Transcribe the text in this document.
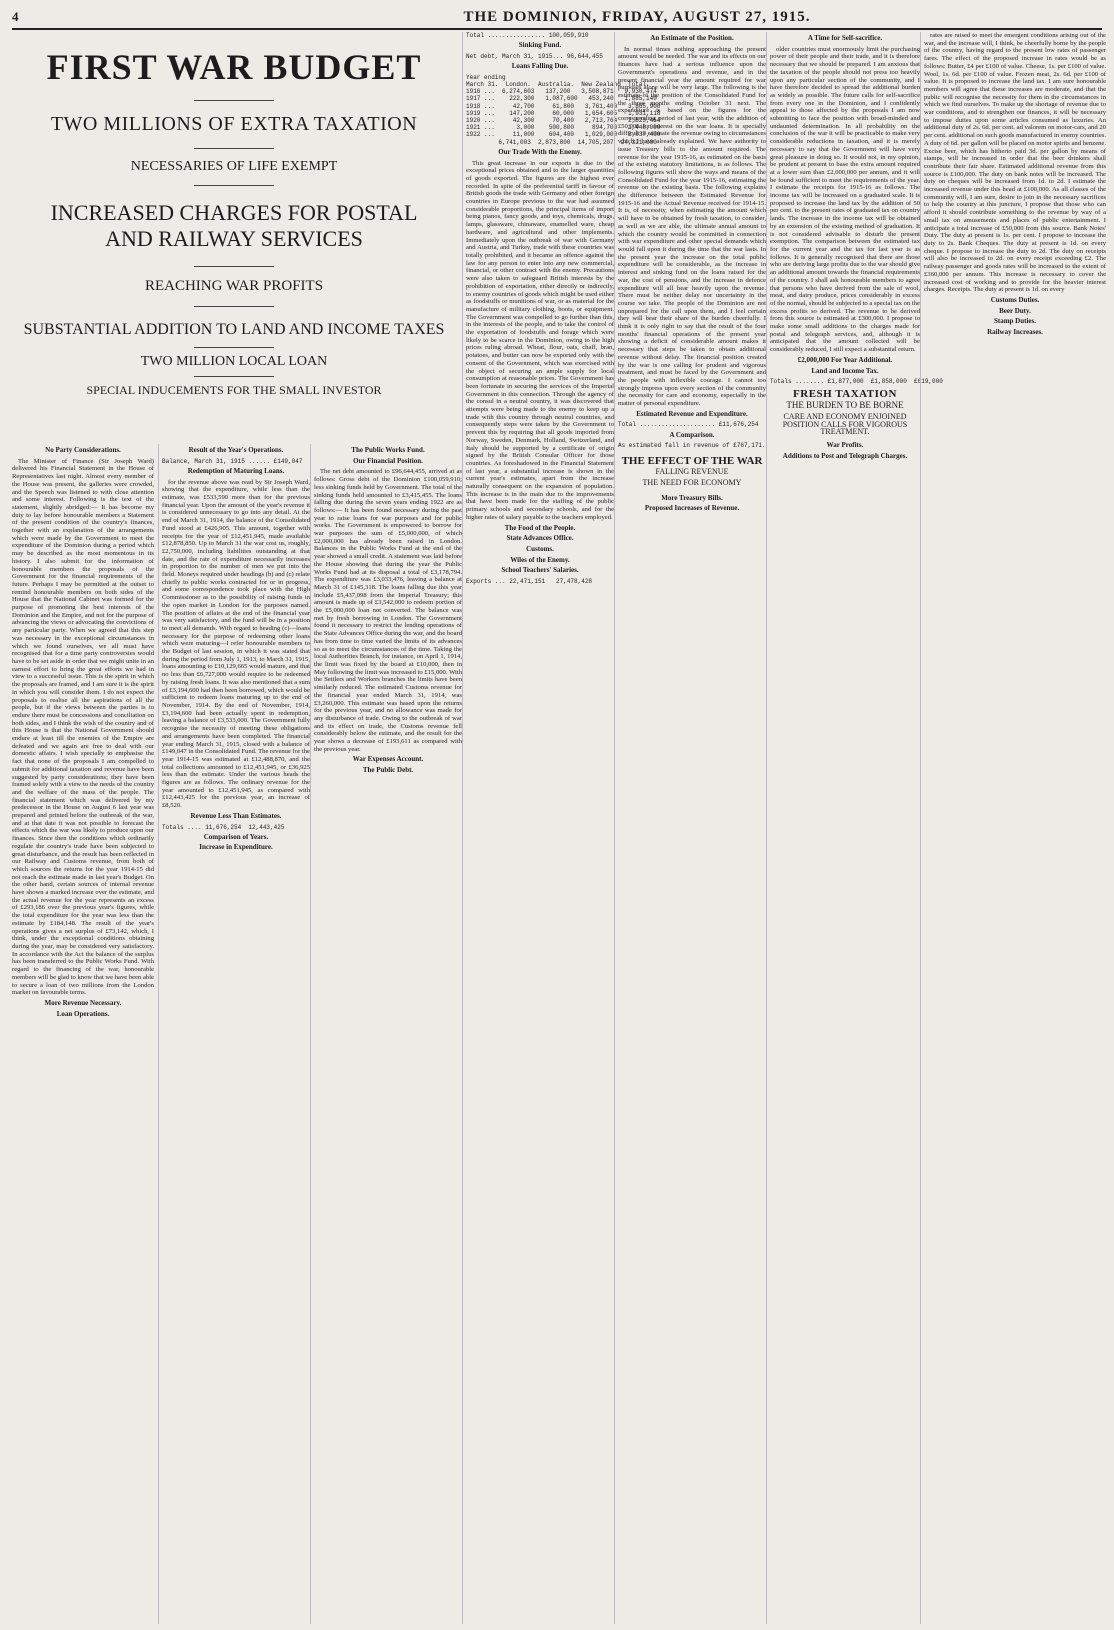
4	THE DOMINION, FRIDAY, AUGUST 27, 1915.
FIRST WAR BUDGET
TWO MILLIONS OF EXTRA TAXATION
NECESSARIES OF LIFE EXEMPT
INCREASED CHARGES FOR POSTAL AND RAILWAY SERVICES
REACHING WAR PROFITS
SUBSTANTIAL ADDITION TO LAND AND INCOME TAXES
TWO MILLION LOCAL LOAN
SPECIAL INDUCEMENTS FOR THE SMALL INVESTOR
No Party Considerations.

The Minister of Finance (Sir Joseph Ward) delivered his Financial Statement in the House of Representatives last night. Almost every member of the House was present, the galleries were crowded, and the Speech was listened to with close attention and some interest. Following is the text of the statement, slightly abridged:— It has become my duty to lay before honourable members a Statement of the present condition of the country's finances, together with an explanation of the arrangements which were made by the Government to meet the expenditure of the Dominion during a period which may be described as the most momentous in its history. I also submit for the information of honourable members the proposals of the Government for the financial requirements of the future. Perhaps I may be permitted at the outset to remind honourable members on both sides of the House that the National Cabinet was formed for the purpose of promoting the best interests of the Dominion and the Empire, and not for the purpose of advancing the views or advocating the convictions of any particular party. When we agreed that this step was necessary in the exceptional circumstances in which we found ourselves, we all must have recognised that for a time party controversies would have to be set aside in order that we might unite in an earnest effort to bring the great efforts we had in view to a successful issue. This is the spirit in which the proposals are framed, and I am sure it is the spirit in which you will consider them. I do not expect the proposals to realise all the aspirations of all the people, but if the views between the parties is to endure there must be concessions and conciliation on both sides, and I think the wish of the country and of this House is that the National Government should endure at least till the enemies of the Empire are defeated and we again are free to deal with our domestic affairs. I wish specially to emphasise the fact that none of the proposals I am compelled to submit for additional taxation and revenue have been suggested by party considerations; they have been framed solely with a view to the needs of the country and the welfare of the mass of the people. The financial statement which was delivered by my predecessor in the House on August 6 last year was prepared and printed before the outbreak of the war, and at that date it was not possible to forecast the effects which the war was likely to produce upon our finances. Since then the conditions which ordinarily regulate the country's trade have been subjected to great disturbance, and the result has been reflected in our Railway and Customs revenue, from both of which sources the returns for the year 1914-15 did not reach the estimate made in last year's Budget. On the other hand, certain sources of internal revenue have shown a marked increase over the estimate, and the actual revenue for the year represents an excess of £293,186 over the previous year's figures, while the total expenditure for the year was less than the estimate by £184,148. The result of the year's operations gives a net surplus of £73,142, which, I think, under the exceptional conditions obtaining during the year, may be considered very satisfactory. In accordance with the Act the balance of the surplus has been transferred to the Public Works Fund. With regard to the financing of the war, honourable members will be glad to know that we have been able to secure a loan of two millions from the London market on favourable terms.

More Revenue Necessary.
Loan Operations.
Result of the Year's Operations.
Balance, March 31, 1915 ...... £149,047
Redemption of Maturing Loans.

for the revenue above was read by Sir Joseph Ward, showing that the expenditure, while less than the estimate, was £533,590 more than for the previous financial year. Upon the amount of the year's revenue it is considered unnecessary to go into any detail. At the end of March 31, 1914, the balance of the Consolidated Fund stood at £426,905. This amount, together with receipts for the year of £12,451,945, made available £12,878,850. Up to March 31 the war cost us, roughly, £2,750,000, including liabilities outstanding at that date, and the rate of expenditure necessarily increases in proportion to the number of men we put into the field. Moneys required under headings (b) and (c) relate chiefly to public works contracted for or in progress, and some correspondence took place with the High Commissioner as to the possibility of raising funds in the open market in London for the purposes named. The position of affairs at the end of the financial year was very satisfactory, and the fund will be in a position to meet all demands. With regard to heading (c)—loans necessary for the purpose of redeeming other loans which were maturing—I refer honourable members to the Budget of last session, in which it was stated that during the period from July 1, 1913, to March 31, 1915, loans amounting to £10,129,665 would mature, and that no less than £6,727,000 would require to be redeemed by raising fresh loans. It was also mentioned that a sum of £3,194,600 had then been borrowed, which would be sufficient to redeem loans maturing up to the end of November, 1914. By the end of November, 1914, £3,194,600 had been actually spent in redemption, leaving a balance of £3,533,000. The Government fully recognise the necessity of meeting these obligations and arrangements have been completed. The financial year ending March 31, 1915, closed with a balance of £149,047 in the Consolidated Fund. The revenue for the year 1914-15 was estimated at £12,488,870, and the total collections amounted to £12,451,945, or £36,925 less than the estimate. Under the various heads the figures are as follows. The ordinary revenue for the year amounted to £12,451,945, as compared with £12,443,425 for the previous year, an increase of £8,520.

Revenue Less Than Estimates.
Totals .... 11,676,254  12,443,425
Comparison of Years.
Increase in Expenditure.
The Public Works Fund.
Our Financial Position.

The net debt amounted to £96,644,455, arrived at as follows: Gross debt of the Dominion £100,059,910; less sinking funds held by Government. The total of the sinking funds held amounted to £3,415,455. The loans falling due during the seven years ending 1922 are as follows:— It has been found necessary during the past year to raise loans for war purposes and for public works. The Government is empowered to borrow for war purposes the sum of £5,000,000, of which £2,000,000 has already been raised in London. Balances in the Public Works Fund at the end of the year showed a small credit. A statement was laid before the House showing that during the year the Public Works Fund had at its disposal a total of £3,178,794. The expenditure was £3,033,476, leaving a balance at March 31 of £145,318. The loans falling due this year include £5,437,098 from the Imperial Treasury; this amount is made up of £3,542,000 to redeem portion of the £5,000,000 loan not converted. The balance was met by fresh borrowing in London. The Government found it necessary to restrict the lending operations of the State Advances Office during the war, and the board has from time to time varied the limits of its advances so as to meet the circumstances of the time. Taking the local Authorities Branch, for instance, on April 1, 1914, the limit was fixed by the board at £10,000, then in May following the limit was increased to £15,000. With the Settlers and Workers branches the limits have been similarly reduced. The estimated Customs revenue for the financial year ended March 31, 1914, was £3,260,000. This estimate was based upon the returns for the previous year, and no allowance was made for any disturbance of trade. Owing to the outbreak of war and its effect on trade, the Customs revenue fell considerably below the estimate, and the result for the year shows a decrease of £193,611 as compared with the previous year.

War Expenses Account.
The Public Debt.
Total ................ 100,059,910
Sinking Fund.
Net debt, March 31, 1915... 96,644,455
Loans Falling Due.
Year ending
March 31.  London.  Australia.  New Zealand  Total.
1916 ...  6,274,603   137,200   3,508,871   9,930,474
1917 ...    222,300   1,087,600   453,240   1,885,140
1918 ...     42,700     61,800   3,761,400   3,865,900
1919 ...    147,200     60,000   1,654,605   1,931,118
1920 ...     42,300     70,400   2,713,764   2,823,464
1921 ...      3,000    500,800     894,700   1,448,000
1922 ...     11,000    604,400   1,029,000   2,037,400
6,741,003  2,873,800  14,705,207  24,321,000
Our Trade With the Enemy.

This great increase in our exports is due to the exceptional prices obtained and to the larger quantities of goods exported. The figures are the highest ever recorded. In spite of the preferential tariff in favour of British goods the trade with Germany and other foreign countries in Europe previous to the war had assumed considerable proportions, the principal items of import being pianos, fancy goods, and toys, chemicals, drugs, lamps, glassware, chinaware, enamelled ware, cheap hardware, and agricultural and other implements. Immediately upon the outbreak of war with Germany and Austria, and Turkey, trade with these countries was totally prohibited, and it became an offence against the law for any person to enter into any new commercial, financial, or other contract with the enemy. Precautions were also taken to safeguard British interests by the prohibition of exportation, either directly or indirectly, to enemy countries of goods which might be used either as foodstuffs or munitions of war, or as material for the manufacture of military clothing, boots, or equipment. The Government was compelled to go further than this, in the interests of the people, and to take the control of the exportation of foodstuffs and forage which were likely to be scarce in the Dominion, owing to the high prices ruling abroad. Wheat, flour, oats, chaff, bran, potatoes, and butter can now be exported only with the consent of the Government, which was exercised with the object of securing an ample supply for local consumption at reasonable prices. The Government has been fortunate in securing the services of the Imperial Government in this connection. Through the agency of the consul in a neutral country, it was discovered that attempts were being made to the enemy to keep up a trade with this country through neutral countries, and consequently steps were taken by the Government to prevent this by requiring that all goods imported from Norway, Sweden, Denmark, Holland, Switzerland, and Italy should be supported by a certificate of origin signed by the British Consular Officer for those countries. As foreshadowed in the Financial Statement of last year, a substantial increase is shown in the current year's estimates, apart from the increase naturally consequent on the expansion of population. This increase is in the main due to the improvements that have been made for the staffing of the public primary schools and secondary schools, and for the higher rates of salary payable to the teachers employed.

The Food of the People.
State Advances Office.
Customs.
Wiles of the Enemy.
School Teachers' Salaries.
Exports ... 22,471,151   27,478,428
An Estimate of the Position.

In normal times nothing approaching the present amount would be needed. The war and its effects on our finances have had a serious influence upon the Government's operations and revenue, and in the present financial year the amount required for war purposes alone will be very large. The following is the estimate of the position of the Consolidated Fund for the three months ending October 31 next. The expenditure is based on the figures for the corresponding period of last year, with the addition of £50,000 for interest on the war loans. It is specially difficult to estimate the revenue owing to circumstances which I have already explained. We have authority to issue Treasury bills to the amount required. The revenue for the year 1915-16, as estimated on the basis of the existing statutory limitations, is as follows. The following figures will show the ways and means of the Consolidated Fund for the year 1915-16, estimating the revenue on the existing basis. The following explains the difference between the Estimated Revenue for 1915-16 and the Actual Revenue received for 1914-15. It is, of necessity, when estimating the amount which will have to be obtained by fresh taxation, to consider, as well as we are able, the ultimate annual amount to which the country would be committed in connection with war expenditure and other special demands which would fall upon it during the time that the war lasts. In the present year the increase on the total public expenditure will be considerable, as the increase in interest and sinking fund on the loans raised for the war, the cost of pensions, and the increase in defence expenditure will all bear heavily upon the revenue. There must be neither delay nor uncertainty in the course we take. The people of the Dominion are not unprepared for the call upon them, and I feel certain they will bear their share of the burden cheerfully. I think it is only right to say that the result of the four months' financial operations of the present year showing a deficit of considerable amount makes it necessary that steps be taken to obtain additional revenue without delay. The financial position created by the war is one calling for prudent and vigorous treatment, and must be faced by the Government and the people with inflexible courage. I cannot too strongly impress upon every section of the community the necessity for care and economy, especially in the matter of personal expenditure.

Estimated Revenue and Expenditure.
Total ..................... £11,676,254
A Comparison.
As estimated fall in revenue of £767,171.
THE EFFECT OF THE WAR
FALLING REVENUE
THE NEED FOR ECONOMY
More Treasury Bills.
Proposed Increases of Revenue.
A Time for Self-sacrifice.

older countries must enormously limit the purchasing power of their people and their trade, and it is therefore necessary that we should be prepared. I am anxious that the taxation of the people should not press too heavily upon any particular section of the community, and I have therefore decided to spread the additional burden as widely as possible. The future calls for self-sacrifice from every one in the Dominion, and I confidently appeal to those affected by the proposals I am now submitting to face the position with broad-minded and undaunted determination. In all probability on the conclusion of the war it will be practicable to make very considerable reductions in taxation, and it is merely necessary to say that the Government will have very great pleasure in doing so. It would not, in my opinion, be prudent at present to base the extra amount required at a lower sum than £2,000,000 per annum, and it will be found sufficient to meet the requirements of the year. I estimate the receipts for 1915-16 as follows. The income tax will be increased on a graduated scale. It is proposed to increase the land tax by the addition of 50 per cent. to the present rates of graduated tax on country lands. The increase in the income tax will be obtained by an extension of the existing method of graduation. It is not considered advisable to disturb the present exemption. The comparison between the estimated tax for the current year and the tax for last year is as follows. It is generally recognised that there are those who are deriving large profits due to the war should give an additional amount towards the financial requirements of the country. I shall ask honourable members to agree that persons who have derived from the sale of wool, meat, and dairy produce, prices considerably in excess of the normal, should be subjected to a special tax on the excess profits so derived. The revenue to be derived from this source is estimated at £300,000. I propose to make some small additions to the charges made for postal and telegraph services, and, although it is anticipated that the amount collected will be considerably reduced, I still expect a substantial return.

£2,000,000 For Year Additional.
Land and Income Tax.
Totals ........ £1,877,000  £1,858,000  £619,000
FRESH TAXATION
THE BURDEN TO BE BORNE
CARE AND ECONOMY ENJOINED
POSITION CALLS FOR VIGOROUS TREATMENT.
War Profits.
Additions to Post and Telegraph Charges.

rates are raised to meet the emergent conditions arising out of the war, and the increase will, I think, be cheerfully borne by the people of the country, having regard to the present low rates of passenger fares. The effect of the proposed increase in rates would be as follows: Butter, £4 per £100 of value. Cheese, 1s. per £100 of value. Wool, 1s. 6d. per £100 of value. Frozen meat, 2s. 6d. per £100 of value. It is proposed to increase the land tax. I am sure honourable members will agree that these increases are moderate, and that the public will recognise the necessity for them in the circumstances in which we find ourselves. To make up the shortage of revenue due to war conditions, and to strengthen our finances, it will be necessary to impose duties upon some articles consumed as luxuries. An additional duty of 2s. 6d. per cent. ad valorem on motor-cars, and 20 per cent. additional on such goods manufactured in enemy countries. A duty of 6d. per gallon will be placed on motor spirits and benzene. Excise beer, which has hitherto paid 3d. per gallon by means of stamps, will be increased in order that the beer drinkers shall contribute their fair share. Estimated additional revenue from this source is £100,000. The duty on bank notes will be increased. The duty on cheques will be increased from 1d. to 2d. I estimate the increased revenue under this head at £100,000. As all classes of the community will, I am sure, desire to join in the necessary sacrifices to help the country at this juncture, I propose that those who can afford it should contribute something to the revenue by way of a small tax on amusements and places of public entertainment. I anticipate a total increase of £50,000 from this source. Bank Notes' Duty. The duty at present is 1s. per cent. I propose to increase the duty to 2s. Bank Cheques. The duty at present is 1d. on every cheque. I propose to increase the duty to 2d. The duty on receipts will also be increased to 2d. on every receipt exceeding £2. The railway passenger and goods rates will be increased to the extent of £360,000 per annum. This increase is necessary to cover the increased cost of working and to provide for the heavier interest charges. Receipts. The duty at present is 1d. on every

Customs Duties.
Beer Duty.
Stamp Duties.
Railway Increases.
